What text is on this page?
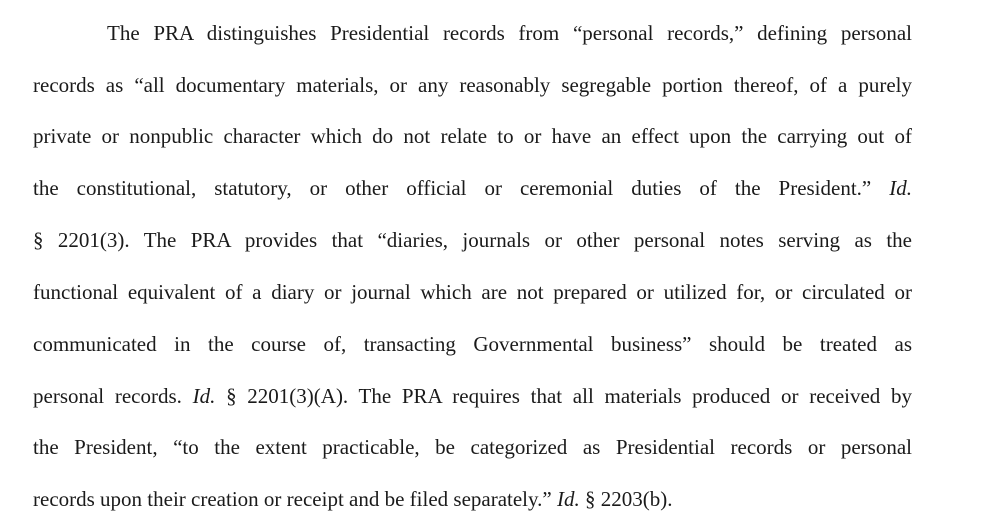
The PRA distinguishes Presidential records from “personal records,” defining personal

records as “all documentary materials, or any reasonably segregable portion thereof, of a purely

private or nonpublic character which do not relate to or have an effect upon the carrying out of

the constitutional, statutory, or other official or ceremonial duties of the President.” Id.

§ 2201(3). The PRA provides that “diaries, journals or other personal notes serving as the

functional equivalent of a diary or journal which are not prepared or utilized for, or circulated or

communicated in the course of, transacting Governmental business” should be treated as

personal records. Id. § 2201(3)(A). The PRA requires that all materials produced or received by

the President, “to the extent practicable, be categorized as Presidential records or personal

records upon their creation or receipt and be filed separately.” Id. § 2203(b).
